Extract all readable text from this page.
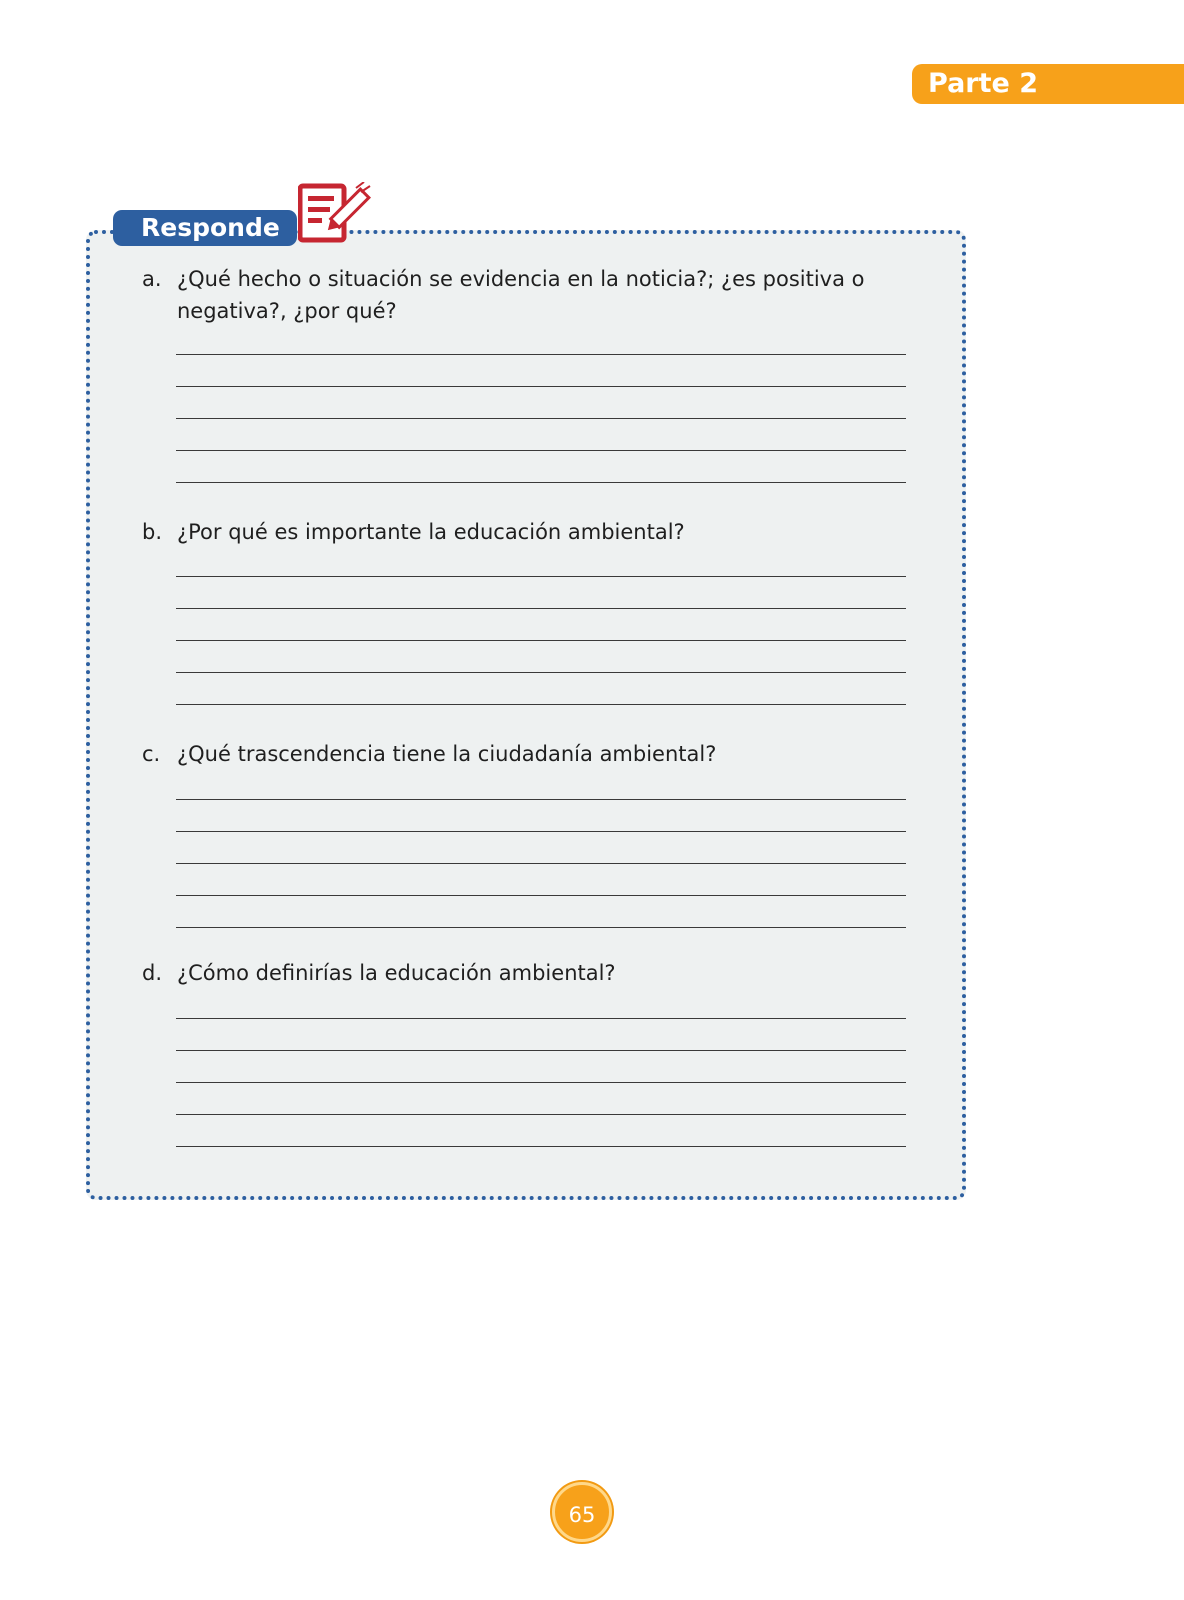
Parte 2
Responde
a. ¿Qué hecho o situación se evidencia en la noticia?; ¿es positiva o negativa?, ¿por qué?
b. ¿Por qué es importante la educación ambiental?
c. ¿Qué trascendencia tiene la ciudadanía ambiental?
d. ¿Cómo definirías la educación ambiental?
65
